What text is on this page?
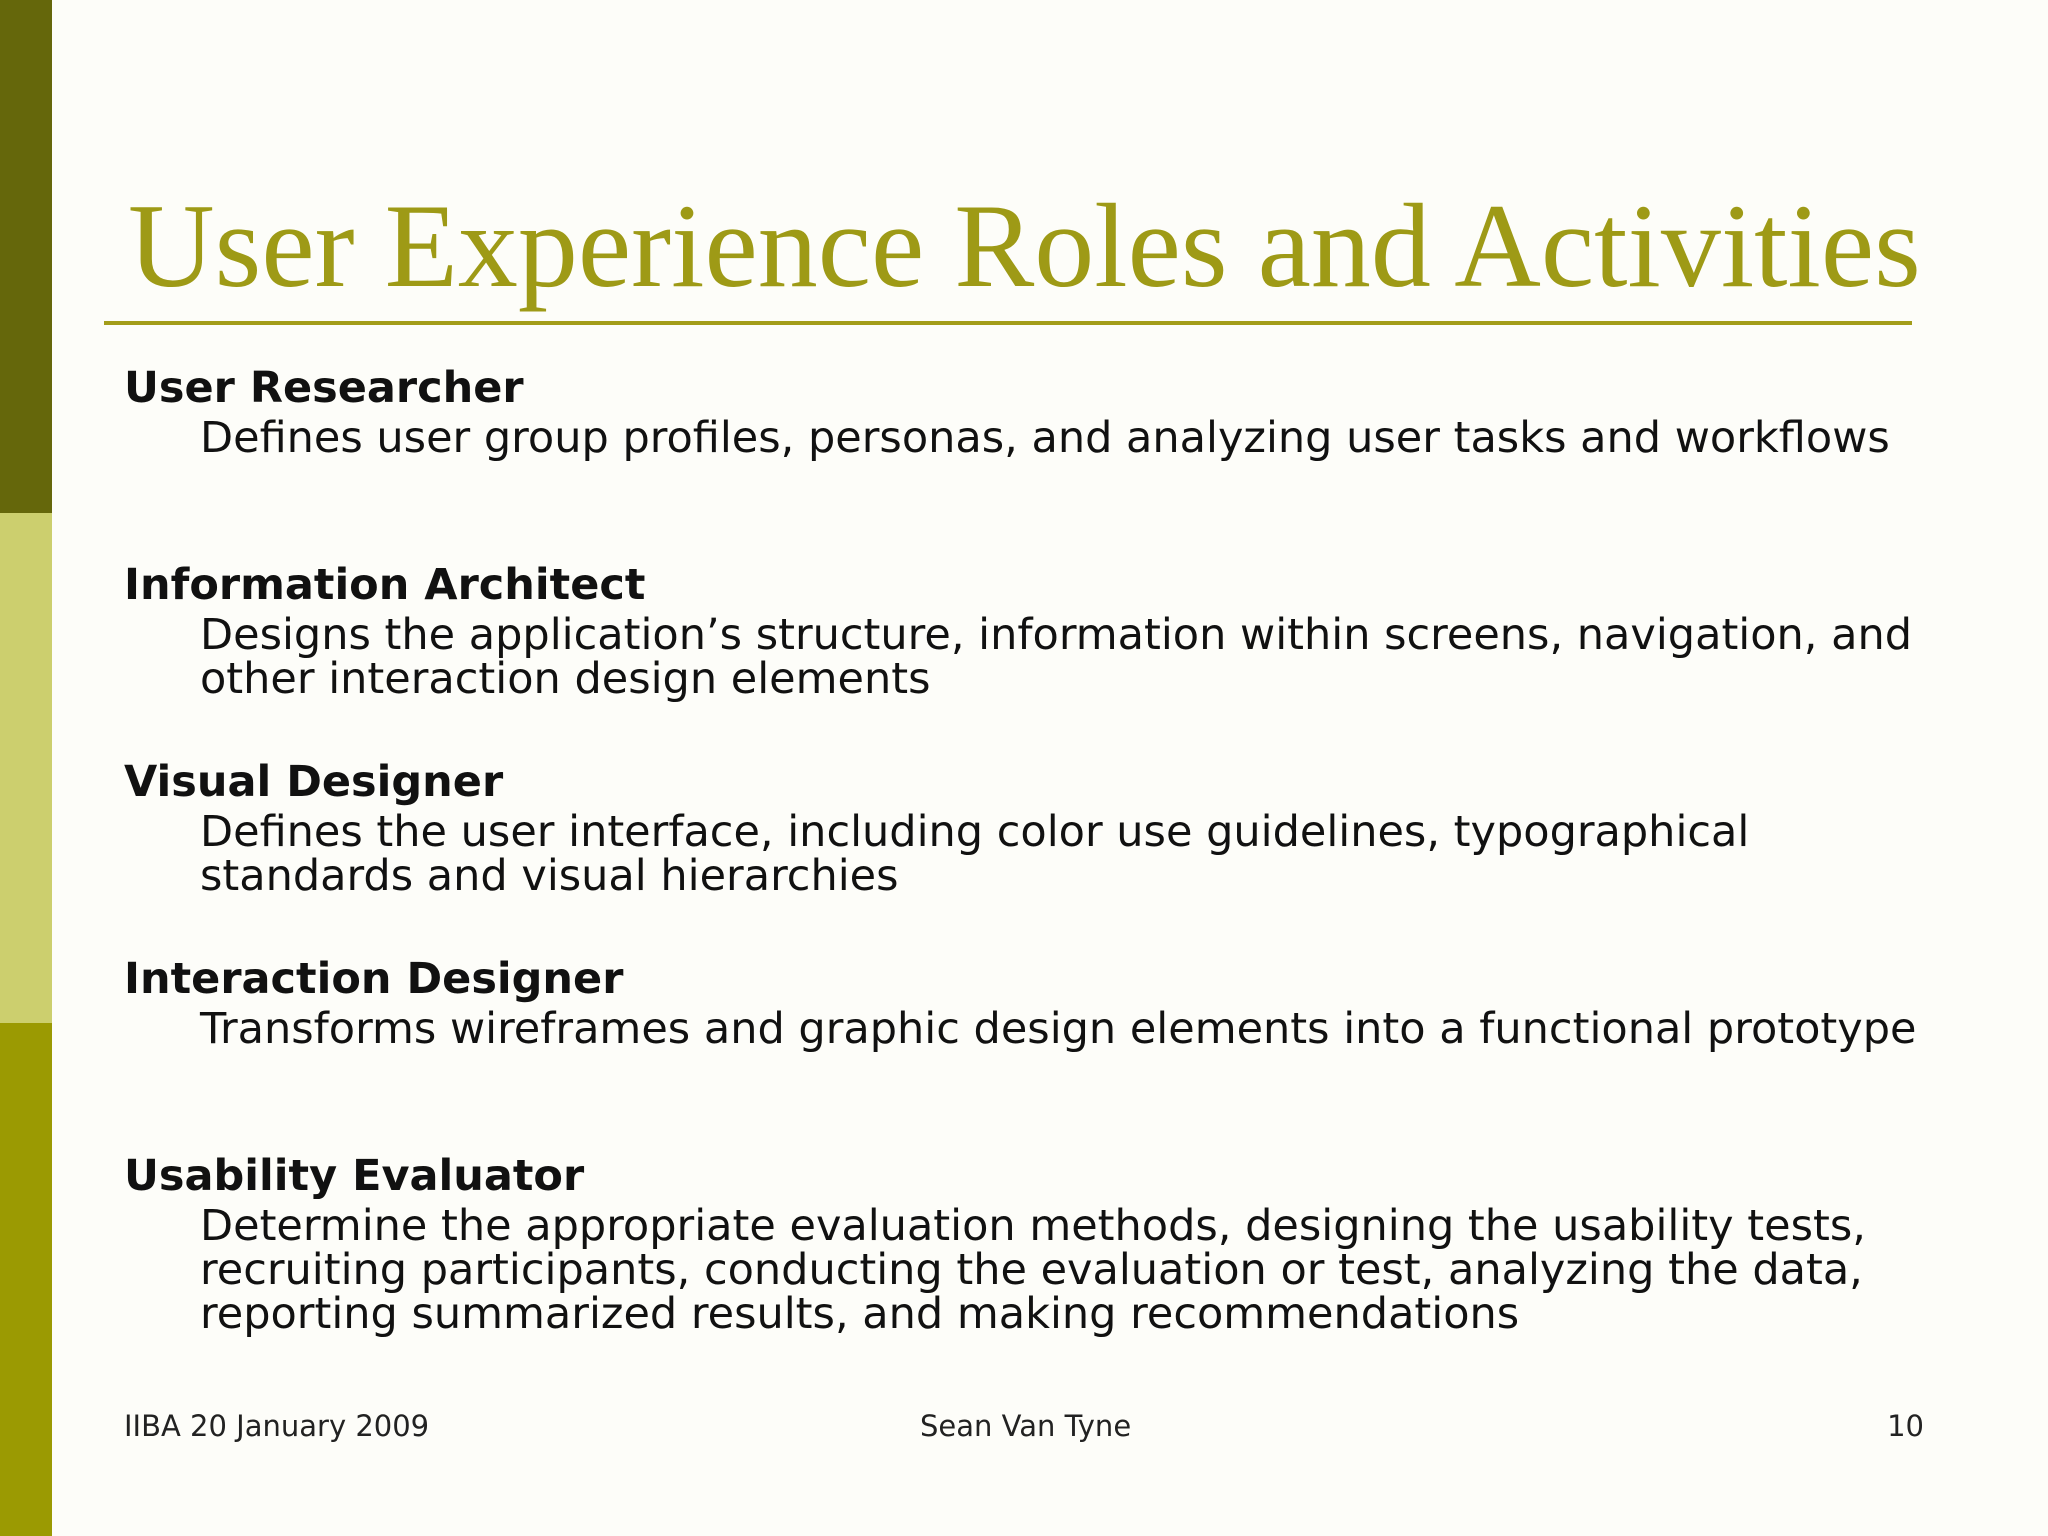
User Experience Roles and Activities

User Researcher

Defines user group profiles, personas, and analyzing user tasks and workflows

Information Architect

Designs the application’s structure, information within screens, navigation, and other interaction design elements

Visual Designer

Defines the user interface, including color use guidelines, typographical standards and visual hierarchies

Interaction Designer

Transforms wireframes and graphic design elements into a functional prototype

Usability Evaluator

Determine the appropriate evaluation methods, designing the usability tests, recruiting participants, conducting the evaluation or test, analyzing the data, reporting summarized results, and making recommendations

IIBA 20 January 2009	Sean Van Tyne	10
